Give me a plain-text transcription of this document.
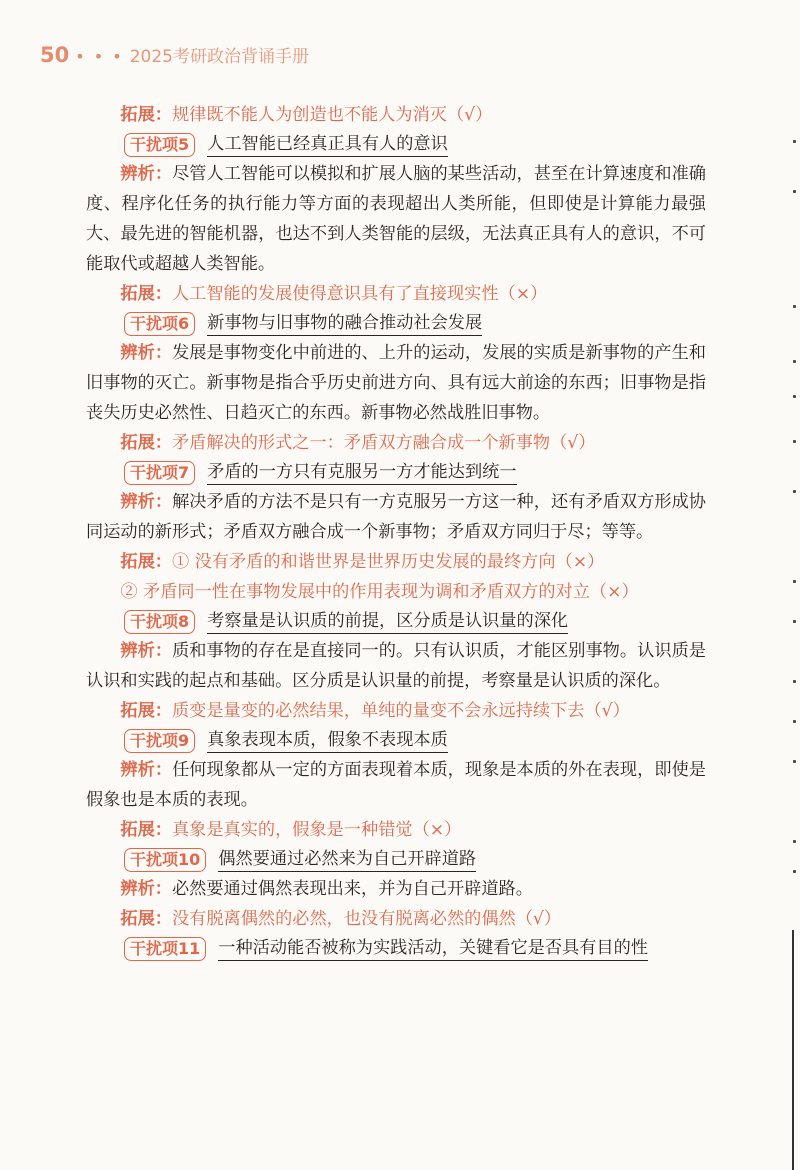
50 • • • 2025考研政治背诵手册

拓展：规律既不能人为创造也不能人为消灭（√）

干扰项5	人工智能已经真正具有人的意识

辨析：尽管人工智能可以模拟和扩展人脑的某些活动，甚至在计算速度和准确度、程序化任务的执行能力等方面的表现超出人类所能，但即使是计算能力最强大、最先进的智能机器，也达不到人类智能的层级，无法真正具有人的意识，不可能取代或超越人类智能。

拓展：人工智能的发展使得意识具有了直接现实性（×）

干扰项6	新事物与旧事物的融合推动社会发展

辨析：发展是事物变化中前进的、上升的运动，发展的实质是新事物的产生和旧事物的灭亡。新事物是指合乎历史前进方向、具有远大前途的东西；旧事物是指丧失历史必然性、日趋灭亡的东西。新事物必然战胜旧事物。

拓展：矛盾解决的形式之一：矛盾双方融合成一个新事物（√）

干扰项7	矛盾的一方只有克服另一方才能达到统一

辨析：解决矛盾的方法不是只有一方克服另一方这一种，还有矛盾双方形成协同运动的新形式；矛盾双方融合成一个新事物；矛盾双方同归于尽；等等。

拓展：① 没有矛盾的和谐世界是世界历史发展的最终方向（×）

② 矛盾同一性在事物发展中的作用表现为调和矛盾双方的对立（×）

干扰项8	考察量是认识质的前提，区分质是认识量的深化

辨析：质和事物的存在是直接同一的。只有认识质，才能区别事物。认识质是认识和实践的起点和基础。区分质是认识量的前提，考察量是认识质的深化。

拓展：质变是量变的必然结果，单纯的量变不会永远持续下去（√）

干扰项9	真象表现本质，假象不表现本质

辨析：任何现象都从一定的方面表现着本质，现象是本质的外在表现，即使是假象也是本质的表现。

拓展：真象是真实的，假象是一种错觉（×）

干扰项10	偶然要通过必然来为自己开辟道路

辨析：必然要通过偶然表现出来，并为自己开辟道路。

拓展：没有脱离偶然的必然，也没有脱离必然的偶然（√）

干扰项11	一种活动能否被称为实践活动，关键看它是否具有目的性
